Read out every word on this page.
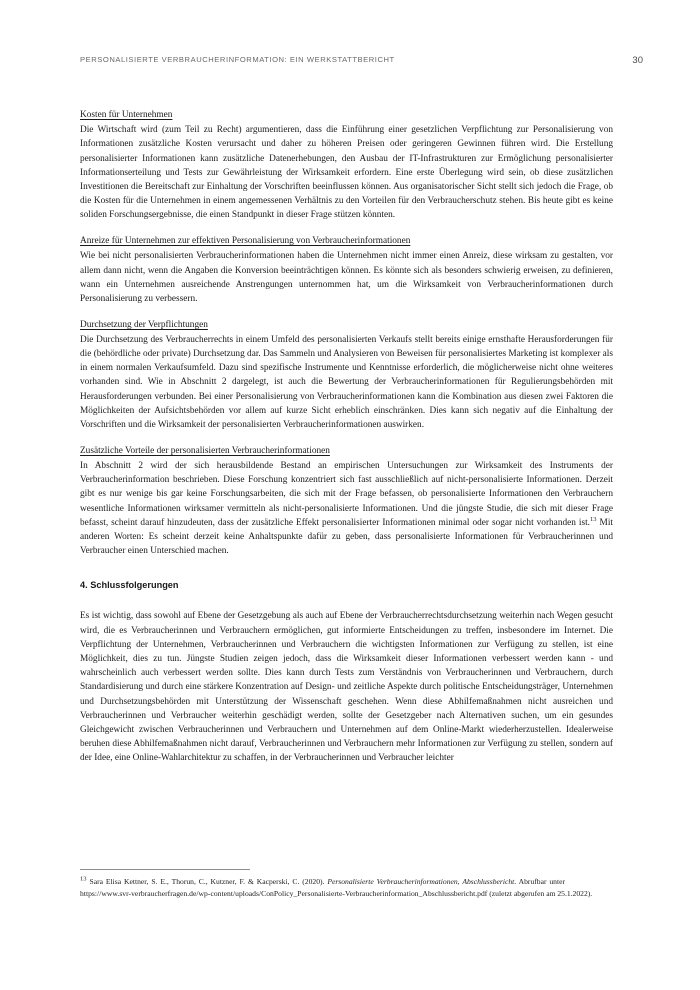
PERSONALISIERTE VERBRAUCHERINFORMATION: EIN WERKSTATTBERICHT	30
Kosten für Unternehmen

Die Wirtschaft wird (zum Teil zu Recht) argumentieren, dass die Einführung einer gesetzlichen Verpflichtung zur Personalisierung von Informationen zusätzliche Kosten verursacht und daher zu höheren Preisen oder geringeren Gewinnen führen wird. Die Erstellung personalisierter Informationen kann zusätzliche Datenerhebungen, den Ausbau der IT-Infrastrukturen zur Ermöglichung personalisierter Informationserteilung und Tests zur Gewährleistung der Wirksamkeit erfordern. Eine erste Überlegung wird sein, ob diese zusätzlichen Investitionen die Bereitschaft zur Einhaltung der Vorschriften beeinflussen können. Aus organisatorischer Sicht stellt sich jedoch die Frage, ob die Kosten für die Unternehmen in einem angemessenen Verhältnis zu den Vorteilen für den Verbraucherschutz stehen. Bis heute gibt es keine soliden Forschungsergebnisse, die einen Standpunkt in dieser Frage stützen könnten.

Anreize für Unternehmen zur effektiven Personalisierung von Verbraucherinformationen

Wie bei nicht personalisierten Verbraucherinformationen haben die Unternehmen nicht immer einen Anreiz, diese wirksam zu gestalten, vor allem dann nicht, wenn die Angaben die Konversion beeinträchtigen können. Es könnte sich als besonders schwierig erweisen, zu definieren, wann ein Unternehmen ausreichende Anstrengungen unternommen hat, um die Wirksamkeit von Verbraucherinformationen durch Personalisierung zu verbessern.

Durchsetzung der Verpflichtungen

Die Durchsetzung des Verbraucherrechts in einem Umfeld des personalisierten Verkaufs stellt bereits einige ernsthafte Herausforderungen für die (behördliche oder private) Durchsetzung dar. Das Sammeln und Analysieren von Beweisen für personalisiertes Marketing ist komplexer als in einem normalen Verkaufsumfeld. Dazu sind spezifische Instrumente und Kenntnisse erforderlich, die möglicherweise nicht ohne weiteres vorhanden sind. Wie in Abschnitt 2 dargelegt, ist auch die Bewertung der Verbraucherinformationen für Regulierungsbehörden mit Herausforderungen verbunden. Bei einer Personalisierung von Verbraucherinformationen kann die Kombination aus diesen zwei Faktoren die Möglichkeiten der Aufsichtsbehörden vor allem auf kurze Sicht erheblich einschränken. Dies kann sich negativ auf die Einhaltung der Vorschriften und die Wirksamkeit der personalisierten Verbraucherinformationen auswirken.

Zusätzliche Vorteile der personalisierten Verbraucherinformationen

In Abschnitt 2 wird der sich herausbildende Bestand an empirischen Untersuchungen zur Wirksamkeit des Instruments der Verbraucherinformation beschrieben. Diese Forschung konzentriert sich fast ausschließlich auf nicht-personalisierte Informationen. Derzeit gibt es nur wenige bis gar keine Forschungsarbeiten, die sich mit der Frage befassen, ob personalisierte Informationen den Verbrauchern wesentliche Informationen wirksamer vermitteln als nicht-personalisierte Informationen. Und die jüngste Studie, die sich mit dieser Frage befasst, scheint darauf hinzudeuten, dass der zusätzliche Effekt personalisierter Informationen minimal oder sogar nicht vorhanden ist.$^{13}$ Mit anderen Worten: Es scheint derzeit keine Anhaltspunkte dafür zu geben, dass personalisierte Informationen für Verbraucherinnen und Verbraucher einen Unterschied machen.

4. Schlussfolgerungen

Es ist wichtig, dass sowohl auf Ebene der Gesetzgebung als auch auf Ebene der Verbraucherrechtsdurchsetzung weiterhin nach Wegen gesucht wird, die es Verbraucherinnen und Verbrauchern ermöglichen, gut informierte Entscheidungen zu treffen, insbesondere im Internet. Die Verpflichtung der Unternehmen, Verbraucherinnen und Verbrauchern die wichtigsten Informationen zur Verfügung zu stellen, ist eine Möglichkeit, dies zu tun. Jüngste Studien zeigen jedoch, dass die Wirksamkeit dieser Informationen verbessert werden kann - und wahrscheinlich auch verbessert werden sollte. Dies kann durch Tests zum Verständnis von Verbraucherinnen und Verbrauchern, durch Standardisierung und durch eine stärkere Konzentration auf Design- und zeitliche Aspekte durch politische Entscheidungsträger, Unternehmen und Durchsetzungsbehörden mit Unterstützung der Wissenschaft geschehen. Wenn diese Abhilfemaßnahmen nicht ausreichen und Verbraucherinnen und Verbraucher weiterhin geschädigt werden, sollte der Gesetzgeber nach Alternativen suchen, um ein gesundes Gleichgewicht zwischen Verbraucherinnen und Verbrauchern und Unternehmen auf dem Online-Markt wiederherzustellen. Idealerweise beruhen diese Abhilfemaßnahmen nicht darauf, Verbraucherinnen und Verbrauchern mehr Informationen zur Verfügung zu stellen, sondern auf der Idee, eine Online-Wahlarchitektur zu schaffen, in der Verbraucherinnen und Verbraucher leichter

$^{13}$ Sara Elisa Kettner, S. E., Thorun, C., Kutzner, F. & Kacperski, C. (2020). Personalisierte Verbraucherinformationen, Abschlussbericht. Abrufbar unterhttps://www.svr-verbraucherfragen.de/wp-content/uploads/ConPolicy_Personalisierte-Verbraucherinformation_Abschlussbericht.pdf (zuletzt abgerufen am 25.1.2022).
